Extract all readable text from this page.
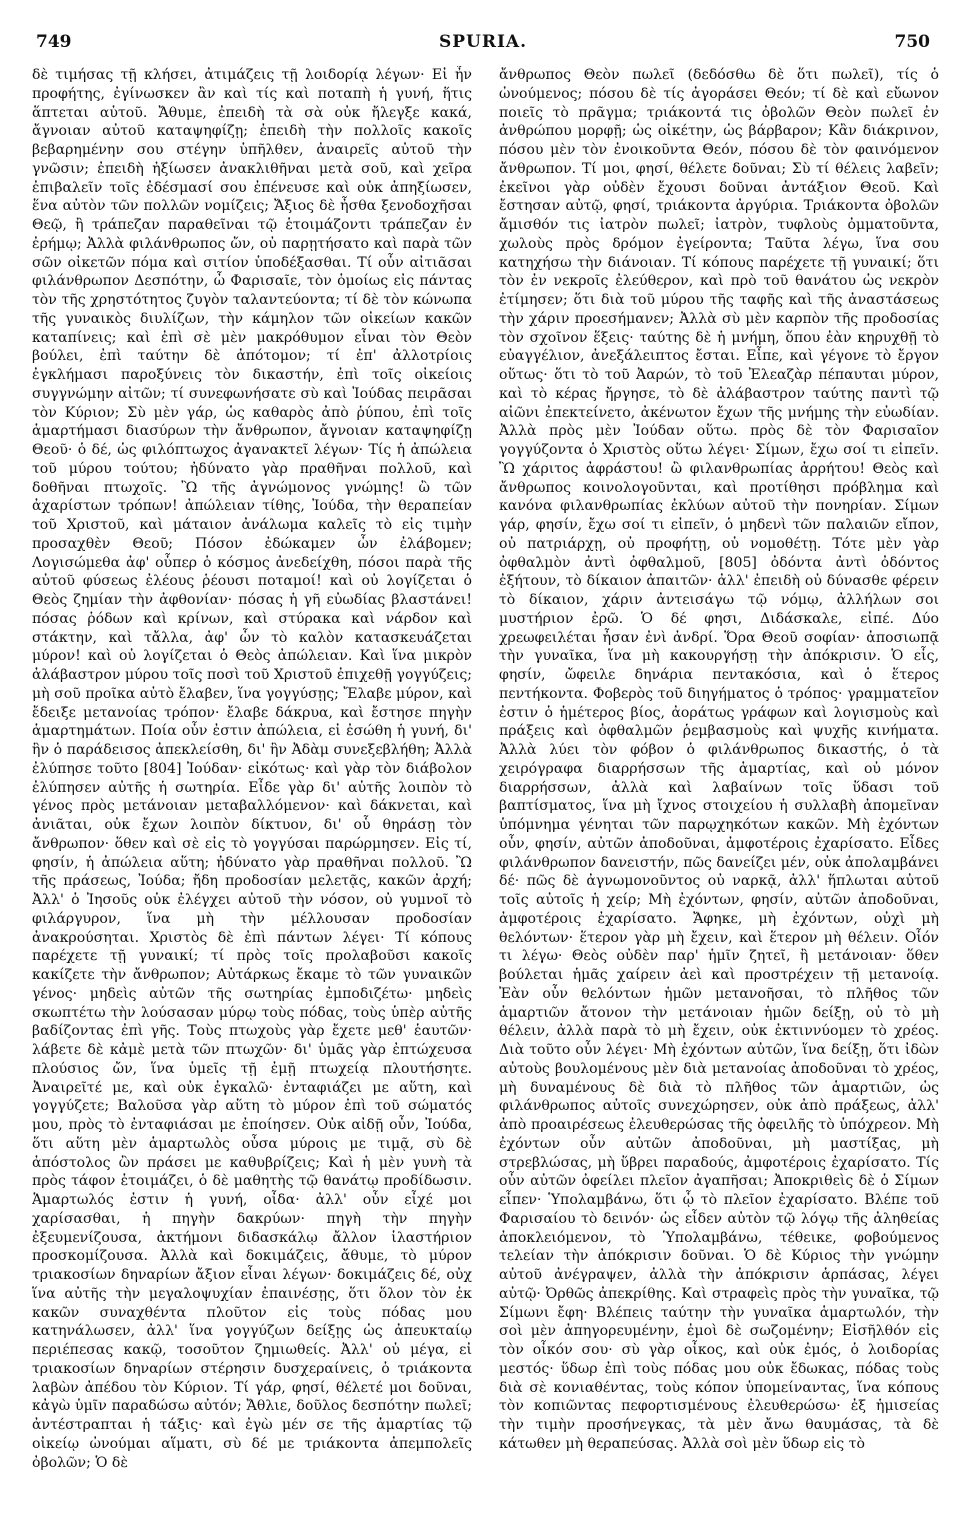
749	SPURIA.	750

δὲ τιμήσας τῇ κλήσει, ἀτιμάζεις τῇ λοιδορίᾳ λέγων· Εἰ ἦν προφήτης, ἐγίνωσκεν ἂν καὶ τίς καὶ ποταπὴ ἡ γυνή, ἥτις ἅπτεται αὐτοῦ. Ἄθυμε, ἐπειδὴ τὰ σὰ οὐκ ἤλεγξε κακά, ἄγνοιαν αὐτοῦ καταψηφίζῃ; ἐπειδὴ τὴν πολλοῖς κακοῖς βεβαρημένην σου στέγην ὑπῆλθεν, ἀναιρεῖς αὐτοῦ τὴν γνῶσιν; ἐπειδὴ ἠξίωσεν ἀνακλιθῆναι μετὰ σοῦ, καὶ χεῖρα ἐπιβαλεῖν τοῖς ἐδέσμασί σου ἐπένευσε καὶ οὐκ ἀπηξίωσεν, ἕνα αὐτὸν τῶν πολλῶν νομίζεις; Ἄξιος δὲ ἦσθα ξενοδοχῆσαι Θεῷ, ἢ τράπεζαν παραθεῖναι τῷ ἑτοιμάζοντι τράπεζαν ἐν ἐρήμῳ; Ἀλλὰ φιλάνθρωπος ὤν, οὐ παρῃτήσατο καὶ παρὰ τῶν σῶν οἰκετῶν πόμα καὶ σιτίον ὑποδέξασθαι. Τί οὖν αἰτιᾶσαι φιλάνθρωπον Δεσπότην, ὦ Φαρισαῖε, τὸν ὁμοίως εἰς πάντας τὸν τῆς χρηστότητος ζυγὸν ταλαντεύοντα; τί δὲ τὸν κώνωπα τῆς γυναικὸς διυλίζων, τὴν κάμηλον τῶν οἰκείων κακῶν καταπίνεις; καὶ ἐπὶ σὲ μὲν μακρόθυμον εἶναι τὸν Θεὸν βούλει, ἐπὶ ταύτην δὲ ἀπότομον; τί ἐπ' ἀλλοτρίοις ἐγκλήμασι παροξύνεις τὸν δικαστήν, ἐπὶ τοῖς οἰκείοις συγγνώμην αἰτῶν; τί συνεφωνήσατε σὺ καὶ Ἰούδας πειρᾶσαι τὸν Κύριον; Σὺ μὲν γάρ, ὡς καθαρὸς ἀπὸ ῥύπου, ἐπὶ τοῖς ἁμαρτήμασι διασύρων τὴν ἄνθρωπον, ἄγνοιαν καταψηφίζῃ Θεοῦ· ὁ δέ, ὡς φιλόπτωχος ἀγανακτεῖ λέγων· Τίς ἡ ἀπώλεια τοῦ μύρου τούτου; ἠδύνατο γὰρ πραθῆναι πολλοῦ, καὶ δοθῆναι πτωχοῖς. Ὢ τῆς ἀγνώμονος γνώμης! ὢ τῶν ἀχαρίστων τρόπων! ἀπώλειαν τίθης, Ἰούδα, τὴν θεραπείαν τοῦ Χριστοῦ, καὶ μάταιον ἀνάλωμα καλεῖς τὸ εἰς τιμὴν προσαχθὲν Θεοῦ; Πόσον ἐδώκαμεν ὧν ἐλάβομεν; Λογισώμεθα ἀφ' οὗπερ ὁ κόσμος ἀνεδείχθη, πόσοι παρὰ τῆς αὐτοῦ φύσεως ἐλέους ῥέουσι ποταμοί! καὶ οὐ λογίζεται ὁ Θεὸς ζημίαν τὴν ἀφθονίαν· πόσας ἡ γῆ εὐωδίας βλαστάνει! πόσας ῥόδων καὶ κρίνων, καὶ στύρακα καὶ νάρδον καὶ στάκτην, καὶ τἄλλα, ἀφ' ὧν τὸ καλὸν κατασκευάζεται μύρον! καὶ οὐ λογίζεται ὁ Θεὸς ἀπώλειαν. Καὶ ἵνα μικρὸν ἀλάβαστρον μύρου τοῖς ποσὶ τοῦ Χριστοῦ ἐπιχεθῇ γογγύζεις; μὴ σοῦ προῖκα αὐτὸ ἔλαβεν, ἵνα γογγύσῃς; Ἔλαβε μύρον, καὶ ἔδειξε μετανοίας τρόπον· ἔλαβε δάκρυα, καὶ ἔστησε πηγὴν ἁμαρτημάτων. Ποία οὖν ἐστιν ἀπώλεια, εἰ ἐσώθη ἡ γυνή, δι' ἣν ὁ παράδεισος ἀπεκλείσθη, δι' ἣν Ἀδὰμ συνεξεβλήθη; Ἀλλὰ ἐλύπησε τοῦτο [804] Ἰούδαν· εἰκότως· καὶ γὰρ τὸν διάβολον ἐλύπησεν αὐτῆς ἡ σωτηρία. Εἶδε γὰρ δι' αὐτῆς λοιπὸν τὸ γένος πρὸς μετάνοιαν μεταβαλλόμενον· καὶ δάκνεται, καὶ ἀνιᾶται, οὐκ ἔχων λοιπὸν δίκτυον, δι' οὗ θηράσῃ τὸν ἄνθρωπον· ὅθεν καὶ σὲ εἰς τὸ γογγύσαι παρώρμησεν. Εἰς τί, φησίν, ἡ ἀπώλεια αὕτη; ἠδύνατο γὰρ πραθῆναι πολλοῦ. Ὢ τῆς πράσεως, Ἰούδα; ἤδη προδοσίαν μελετᾷς, κακῶν ἀρχή; Ἀλλ' ὁ Ἰησοῦς οὐκ ἐλέγχει αὐτοῦ τὴν νόσον, οὐ γυμνοῖ τὸ φιλάργυρον, ἵνα μὴ τὴν μέλλουσαν προδοσίαν ἀνακρούσηται. Χριστὸς δὲ ἐπὶ πάντων λέγει· Τί κόπους παρέχετε τῇ γυναικί; τί πρὸς τοῖς προλαβοῦσι κακοῖς κακίζετε τὴν ἄνθρωπον; Αὐτάρκως ἔκαμε τὸ τῶν γυναικῶν γένος· μηδεὶς αὐτῶν τῆς σωτηρίας ἐμποδιζέτω· μηδεὶς σκωπτέτω τὴν λούσασαν μύρῳ τοὺς πόδας, τοὺς ὑπὲρ αὐτῆς βαδίζοντας ἐπὶ γῆς. Τοὺς πτωχοὺς γὰρ ἔχετε μεθ' ἑαυτῶν· λάβετε δὲ κἀμὲ μετὰ τῶν πτωχῶν· δι' ὑμᾶς γὰρ ἐπτώχευσα πλούσιος ὤν, ἵνα ὑμεῖς τῇ ἐμῇ πτωχείᾳ πλουτήσητε. Ἀναιρεῖτέ με, καὶ οὐκ ἐγκαλῶ· ἐνταφιάζει με αὕτη, καὶ γογγύζετε; Βαλοῦσα γὰρ αὕτη τὸ μύρον ἐπὶ τοῦ σώματός μου, πρὸς τὸ ἐνταφιάσαι με ἐποίησεν. Οὐκ αἰδῇ οὖν, Ἰούδα, ὅτι αὕτη μὲν ἁμαρτωλὸς οὖσα μύροις με τιμᾷ, σὺ δὲ ἀπόστολος ὢν πράσει με καθυβρίζεις; Καὶ ἡ μὲν γυνὴ τὰ πρὸς τάφον ἑτοιμάζει, ὁ δὲ μαθητὴς τῷ θανάτῳ προδίδωσιν. Ἁμαρτωλός ἐστιν ἡ γυνή, οἶδα· ἀλλ' οὖν εἶχέ μοι χαρίσασθαι, ἡ πηγὴν δακρύων· πηγὴ τὴν πηγὴν ἐξευμενίζουσα, ἀκτήμονι διδασκάλῳ ἄλλον ἱλαστήριον προσκομίζουσα. Ἀλλὰ καὶ δοκιμάζεις, ἄθυμε, τὸ μύρον τριακοσίων δηναρίων ἄξιον εἶναι λέγων· δοκιμάζεις δέ, οὐχ ἵνα αὐτῆς τὴν μεγαλοψυχίαν ἐπαινέσῃς, ὅτι ὅλον τὸν ἐκ κακῶν συναχθέντα πλοῦτον εἰς τοὺς πόδας μου κατηνάλωσεν, ἀλλ' ἵνα γογγύζων δείξῃς ὡς ἀπευκταίῳ περιέπεσας κακῷ, τοσοῦτον ζημιωθείς. Ἀλλ' οὐ μέγα, εἰ τριακοσίων δηναρίων στέρησιν δυσχεραίνεις, ὁ τριάκοντα λαβὼν ἀπέδου τὸν Κύριον. Τί γάρ, φησί, θέλετέ μοι δοῦναι, κἀγὼ ὑμῖν παραδώσω αὐτόν; Ἄθλιε, δοῦλος δεσπότην πωλεῖ; ἀντέστραπται ἡ τάξις· καὶ ἐγὼ μέν σε τῆς ἁμαρτίας τῷ οἰκείῳ ὠνούμαι αἵματι, σὺ δέ με τριάκοντα ἀπεμπολεῖς ὀβολῶν; Ὁ δὲ

ἄνθρωπος Θεὸν πωλεῖ (δεδόσθω δὲ ὅτι πωλεῖ), τίς ὁ ὠνούμενος; πόσου δὲ τίς ἀγοράσει Θεόν; τί δὲ καὶ εὔωνον ποιεῖς τὸ πρᾶγμα; τριάκοντά τις ὀβολῶν Θεὸν πωλεῖ ἐν ἀνθρώπου μορφῇ; ὡς οἰκέτην, ὡς βάρβαρον; Κἂν διάκρινον, πόσου μὲν τὸν ἐνοικοῦντα Θεόν, πόσου δὲ τὸν φαινόμενον ἄνθρωπον. Τί μοι, φησί, θέλετε δοῦναι; Σὺ τί θέλεις λαβεῖν; ἐκεῖνοι γὰρ οὐδὲν ἔχουσι δοῦναι ἀντάξιον Θεοῦ. Καὶ ἔστησαν αὐτῷ, φησί, τριάκοντα ἀργύρια. Τριάκοντα ὀβολῶν ἄμισθόν τις ἰατρὸν πωλεῖ; ἰατρὸν, τυφλοὺς ὀμματοῦντα, χωλοὺς πρὸς δρόμον ἐγείροντα; Ταῦτα λέγω, ἵνα σου κατηχήσω τὴν διάνοιαν. Τί κόπους παρέχετε τῇ γυναικί; ὅτι τὸν ἐν νεκροῖς ἐλεύθερον, καὶ πρὸ τοῦ θανάτου ὡς νεκρὸν ἐτίμησεν; ὅτι διὰ τοῦ μύρου τῆς ταφῆς καὶ τῆς ἀναστάσεως τὴν χάριν προεσήμανεν; Ἀλλὰ σὺ μὲν καρπὸν τῆς προδοσίας τὸν σχοῖνον ἕξεις· ταύτης δὲ ἡ μνήμη, ὅπου ἐὰν κηρυχθῇ τὸ εὐαγγέλιον, ἀνεξάλειπτος ἔσται. Εἶπε, καὶ γέγονε τὸ ἔργον οὕτως· ὅτι τὸ τοῦ Ἀαρών, τὸ τοῦ Ἐλεαζὰρ πέπαυται μύρον, καὶ τὸ κέρας ἤργησε, τὸ δὲ ἀλάβαστρον ταύτης παντὶ τῷ αἰῶνι ἐπεκτείνετο, ἀκένωτον ἔχων τῆς μνήμης τὴν εὐωδίαν. Ἀλλὰ πρὸς μὲν Ἰούδαν οὕτω. πρὸς δὲ τὸν Φαρισαῖον γογγύζοντα ὁ Χριστὸς οὕτω λέγει· Σίμων, ἔχω σοί τι εἰπεῖν. Ὢ χάριτος ἀφράστου! ὢ φιλανθρωπίας ἀρρήτου! Θεὸς καὶ ἄνθρωπος κοινολογοῦνται, καὶ προτίθησι πρόβλημα καὶ κανόνα φιλανθρωπίας ἐκλύων αὐτοῦ τὴν πονηρίαν. Σίμων γάρ, φησίν, ἔχω σοί τι εἰπεῖν, ὁ μηδενὶ τῶν παλαιῶν εἴπον, οὐ πατριάρχῃ, οὐ προφήτῃ, οὐ νομοθέτῃ. Τότε μὲν γὰρ ὀφθαλμὸν ἀντὶ ὀφθαλμοῦ, [805] ὀδόντα ἀντὶ ὀδόντος ἐξήτουν, τὸ δίκαιον ἀπαιτῶν· ἀλλ' ἐπειδὴ οὐ δύνασθε φέρειν τὸ δίκαιον, χάριν ἀντεισάγω τῷ νόμῳ, ἀλλήλων σοι μυστήριον ἐρῶ. Ὁ δέ φησι, Διδάσκαλε, εἰπέ. Δύο χρεωφειλέται ἦσαν ἐνὶ ἀνδρί. Ὅρα Θεοῦ σοφίαν· ἀποσιωπᾷ τὴν γυναῖκα, ἵνα μὴ κακουργήσῃ τὴν ἀπόκρισιν. Ὁ εἷς, φησίν, ὤφειλε δηνάρια πεντακόσια, καὶ ὁ ἕτερος πεντήκοντα. Φοβερὸς τοῦ διηγήματος ὁ τρόπος· γραμματεῖον ἐστιν ὁ ἡμέτερος βίος, ἀοράτως γράφων καὶ λογισμοὺς καὶ πράξεις καὶ ὀφθαλμῶν ῥεμβασμοὺς καὶ ψυχῆς κινήματα. Ἀλλὰ λύει τὸν φόβον ὁ φιλάνθρωπος δικαστής, ὁ τὰ χειρόγραφα διαρρήσσων τῆς ἁμαρτίας, καὶ οὐ μόνον διαρρήσσων, ἀλλὰ καὶ λαβαίνων τοῖς ὕδασι τοῦ βαπτίσματος, ἵνα μὴ ἴχνος στοιχείου ἡ συλλαβὴ ἀπομεῖναν ὑπόμνημα γένηται τῶν παρῳχηκότων κακῶν. Μὴ ἐχόντων οὖν, φησίν, αὐτῶν ἀποδοῦναι, ἀμφοτέροις ἐχαρίσατο. Εἶδες φιλάνθρωπον δανειστήν, πῶς δανείζει μέν, οὐκ ἀπολαμβάνει δέ· πῶς δὲ ἀγνωμονοῦντος οὐ ναρκᾷ, ἀλλ' ἥπλωται αὐτοῦ τοῖς αὐτοῖς ἡ χείρ; Μὴ ἐχόντων, φησίν, αὐτῶν ἀποδοῦναι, ἀμφοτέροις ἐχαρίσατο. Ἄφηκε, μὴ ἐχόντων, οὐχὶ μὴ θελόντων· ἕτερον γὰρ μὴ ἔχειν, καὶ ἕτερον μὴ θέλειν. Οἷόν τι λέγω· Θεὸς οὐδὲν παρ' ἡμῖν ζητεῖ, ἢ μετάνοιαν· ὅθεν βούλεται ἡμᾶς χαίρειν ἀεὶ καὶ προστρέχειν τῇ μετανοίᾳ. Ἐὰν οὖν θελόντων ἡμῶν μετανοῆσαι, τὸ πλῆθος τῶν ἁμαρτιῶν ἄτονον τὴν μετάνοιαν ἡμῶν δείξῃ, οὐ τὸ μὴ θέλειν, ἀλλὰ παρὰ τὸ μὴ ἔχειν, οὐκ ἐκτιννύομεν τὸ χρέος. Διὰ τοῦτο οὖν λέγει· Μὴ ἐχόντων αὐτῶν, ἵνα δείξῃ, ὅτι ἰδὼν αὐτοὺς βουλομένους μὲν διὰ μετανοίας ἀποδοῦναι τὸ χρέος, μὴ δυναμένους δὲ διὰ τὸ πλῆθος τῶν ἁμαρτιῶν, ὡς φιλάνθρωπος αὐτοῖς συνεχώρησεν, οὐκ ἀπὸ πράξεως, ἀλλ' ἀπὸ προαιρέσεως ἐλευθερώσας τῆς ὀφειλῆς τὸ ὑπόχρεον. Μὴ ἐχόντων οὖν αὐτῶν ἀποδοῦναι, μὴ μαστίξας, μὴ στρεβλώσας, μὴ ὕβρει παραδούς, ἀμφοτέροις ἐχαρίσατο. Τίς οὖν αὐτῶν ὀφείλει πλεῖον ἀγαπῆσαι; Ἀποκριθεὶς δὲ ὁ Σίμων εἶπεν· Ὑπολαμβάνω, ὅτι ᾧ τὸ πλεῖον ἐχαρίσατο. Βλέπε τοῦ Φαρισαίου τὸ δεινόν· ὡς εἶδεν αὐτὸν τῷ λόγῳ τῆς ἀληθείας ἀποκλειόμενον, τὸ Ὑπολαμβάνω, τέθεικε, φοβούμενος τελείαν τὴν ἀπόκρισιν δοῦναι. Ὁ δὲ Κύριος τὴν γνώμην αὐτοῦ ἀνέγραψεν, ἀλλὰ τὴν ἀπόκρισιν ἁρπάσας, λέγει αὐτῷ· Ὀρθῶς ἀπεκρίθης. Καὶ στραφεὶς πρὸς τὴν γυναῖκα, τῷ Σίμωνι ἔφη· Βλέπεις ταύτην τὴν γυναῖκα ἁμαρτωλόν, τὴν σοὶ μὲν ἀπηγορευμένην, ἐμοὶ δὲ σωζομένην; Εἰσῆλθόν εἰς τὸν οἶκόν σου· σὺ γὰρ οἶκος, καὶ οὐκ ἐμός, ὁ λοιδορίας μεστός· ὕδωρ ἐπὶ τοὺς πόδας μου οὐκ ἔδωκας, πόδας τοὺς διὰ σὲ κονιαθέντας, τοὺς κόπον ὑπομείναντας, ἵνα κόπους τὸν κοπιῶντας πεφορτισμένους ἐλευθερώσω· ἐξ ἡμισείας τὴν τιμὴν προσήνεγκας, τὰ μὲν ἄνω θαυμάσας, τὰ δὲ κάτωθεν μὴ θεραπεύσας. Ἀλλὰ σοὶ μὲν ὕδωρ εἰς τὸ
